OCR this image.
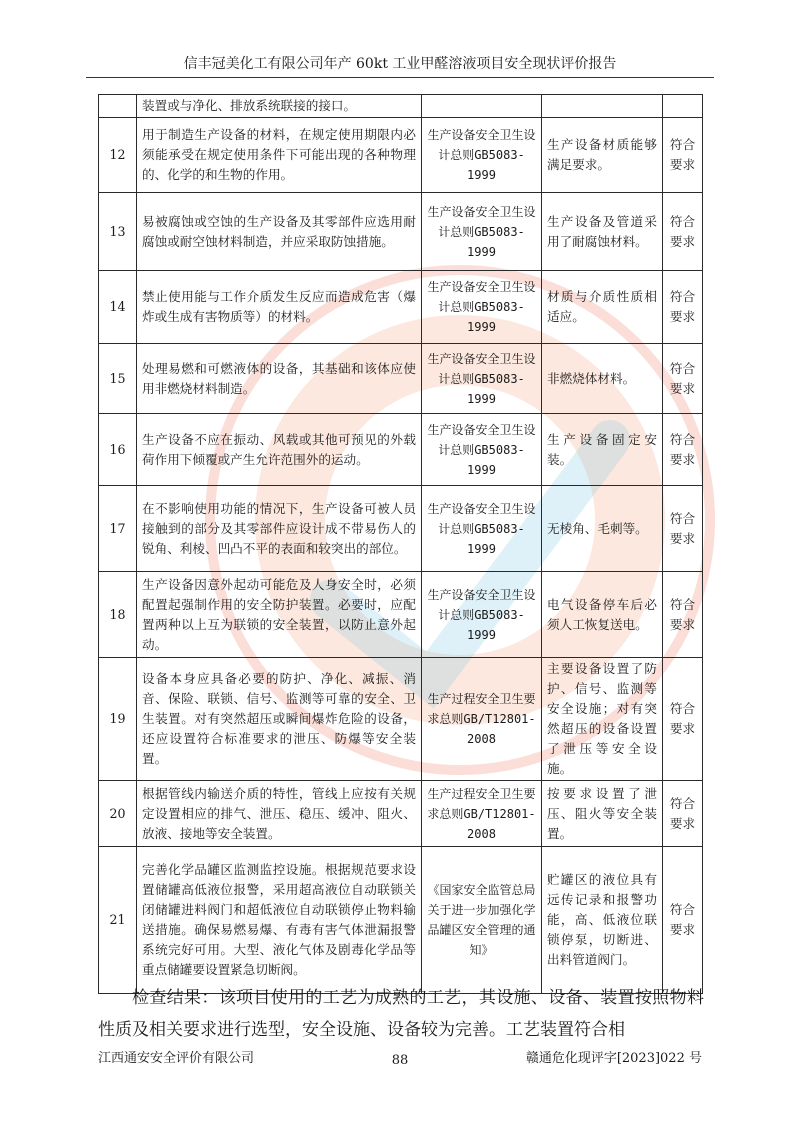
信丰冠美化工有限公司年产 60kt 工业甲醛溶液项目安全现状评价报告
	装置或与净化、排放系统联接的接口。			
12	用于制造生产设备的材料，在规定使用期限内必须能承受在规定使用条件下可能出现的各种物理的、化学的和生物的作用。	生产设备安全卫生设计总则GB5083-1999	生产设备材质能够满足要求。	符合要求
13	易被腐蚀或空蚀的生产设备及其零部件应选用耐腐蚀或耐空蚀材料制造，并应采取防蚀措施。	生产设备安全卫生设计总则GB5083-1999	生产设备及管道采用了耐腐蚀材料。	符合要求
14	禁止使用能与工作介质发生反应而造成危害（爆炸或生成有害物质等）的材料。	生产设备安全卫生设计总则GB5083-1999	材质与介质性质相适应。	符合要求
15	处理易燃和可燃液体的设备，其基础和该体应使用非燃烧材料制造。	生产设备安全卫生设计总则GB5083-1999	非燃烧体材料。	符合要求
16	生产设备不应在振动、风载或其他可预见的外载荷作用下倾覆或产生允许范围外的运动。	生产设备安全卫生设计总则GB5083-1999	生产设备固定安装。	符合要求
17	在不影响使用功能的情况下，生产设备可被人员接触到的部分及其零部件应设计成不带易伤人的锐角、利棱、凹凸不平的表面和较突出的部位。	生产设备安全卫生设计总则GB5083-1999	无棱角、毛刺等。	符合要求
18	生产设备因意外起动可能危及人身安全时，必须配置起强制作用的安全防护装置。必要时，应配置两种以上互为联锁的安全装置，以防止意外起动。	生产设备安全卫生设计总则GB5083-1999	电气设备停车后必须人工恢复送电。	符合要求
19	设备本身应具备必要的防护、净化、减振、消音、保险、联锁、信号、监测等可靠的安全、卫生装置。对有突然超压或瞬间爆炸危险的设备，还应设置符合标准要求的泄压、防爆等安全装置。	生产过程安全卫生要求总则GB/T12801-2008	主要设备设置了防护、信号、监测等安全设施；对有突然超压的设备设置了泄压等安全设施。	符合要求
20	根据管线内输送介质的特性，管线上应按有关规定设置相应的排气、泄压、稳压、缓冲、阻火、放液、接地等安全装置。	生产过程安全卫生要求总则GB/T12801-2008	按要求设置了泄压、阻火等安全装置。	符合要求
21	完善化学品罐区监测监控设施。根据规范要求设置储罐高低液位报警，采用超高液位自动联锁关闭储罐进料阀门和超低液位自动联锁停止物料输送措施。确保易燃易爆、有毒有害气体泄漏报警系统完好可用。大型、液化气体及剧毒化学品等重点储罐要设置紧急切断阀。	《国家安全监管总局关于进一步加强化学品罐区安全管理的通知》	贮罐区的液位具有远传记录和报警功能，高、低液位联锁停泵，切断进、出料管道阀门。	符合要求
检查结果：该项目使用的工艺为成熟的工艺，其设施、设备、装置按照物料性质及相关要求进行选型，安全设施、设备较为完善。工艺装置符合相
江西通安安全评价有限公司	88	赣通危化现评字[2023]022 号
